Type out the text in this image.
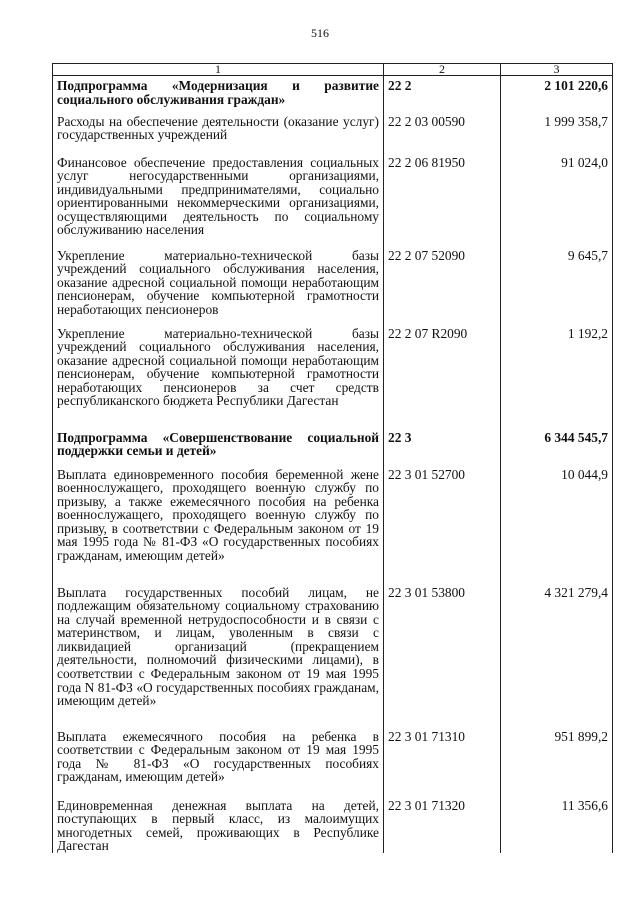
516
1	2	3
Подпрограмма «Модернизация и развитие социального обслуживания граждан»	22 2	2 101 220,6
Расходы на обеспечение деятельности (оказание услуг) государственных учреждений	22 2 03 00590	1 999 358,7
Финансовое обеспечение предоставления социальных услуг негосударственными организациями, индивидуальными предпринимателями, социально ориентированными некоммерческими организациями, осуществляющими деятельность по социальному обслуживанию населения	22 2 06 81950	91 024,0
Укрепление материально-технической базы учреждений социального обслуживания населения, оказание адресной социальной помощи неработающим пенсионерам, обучение компьютерной грамотности неработающих пенсионеров	22 2 07 52090	9 645,7
Укрепление материально-технической базы учреждений социального обслуживания населения, оказание адресной социальной помощи неработающим пенсионерам, обучение компьютерной грамотности неработающих пенсионеров за счет средств республиканского бюджета Республики Дагестан	22 2 07 R2090	1 192,2
Подпрограмма «Совершенствование социальной поддержки семьи и детей»	22 3	6 344 545,7
Выплата единовременного пособия беременной жене военнослужащего, проходящего военную службу по призыву, а также ежемесячного пособия на ребенка военнослужащего, проходящего военную службу по призыву, в соответствии с Федеральным законом от 19 мая 1995 года № 81-ФЗ «О государственных пособиях гражданам, имеющим детей»	22 3 01 52700	10 044,9
Выплата государственных пособий лицам, не подлежащим обязательному социальному страхованию на случай временной нетрудоспособности и в связи с материнством, и лицам, уволенным в связи с ликвидацией организаций (прекращением деятельности, полномочий физическими лицами), в соответствии с Федеральным законом от 19 мая 1995 года N 81-ФЗ «О государственных пособиях гражданам, имеющим детей»	22 3 01 53800	4 321 279,4
Выплата ежемесячного пособия на ребенка в соответствии с Федеральным законом от 19 мая 1995 года № 81-ФЗ «О государственных пособиях гражданам, имеющим детей»	22 3 01 71310	951 899,2
Единовременная денежная выплата на детей, поступающих в первый класс, из малоимущих многодетных семей, проживающих в Республике Дагестан	22 3 01 71320	11 356,6
